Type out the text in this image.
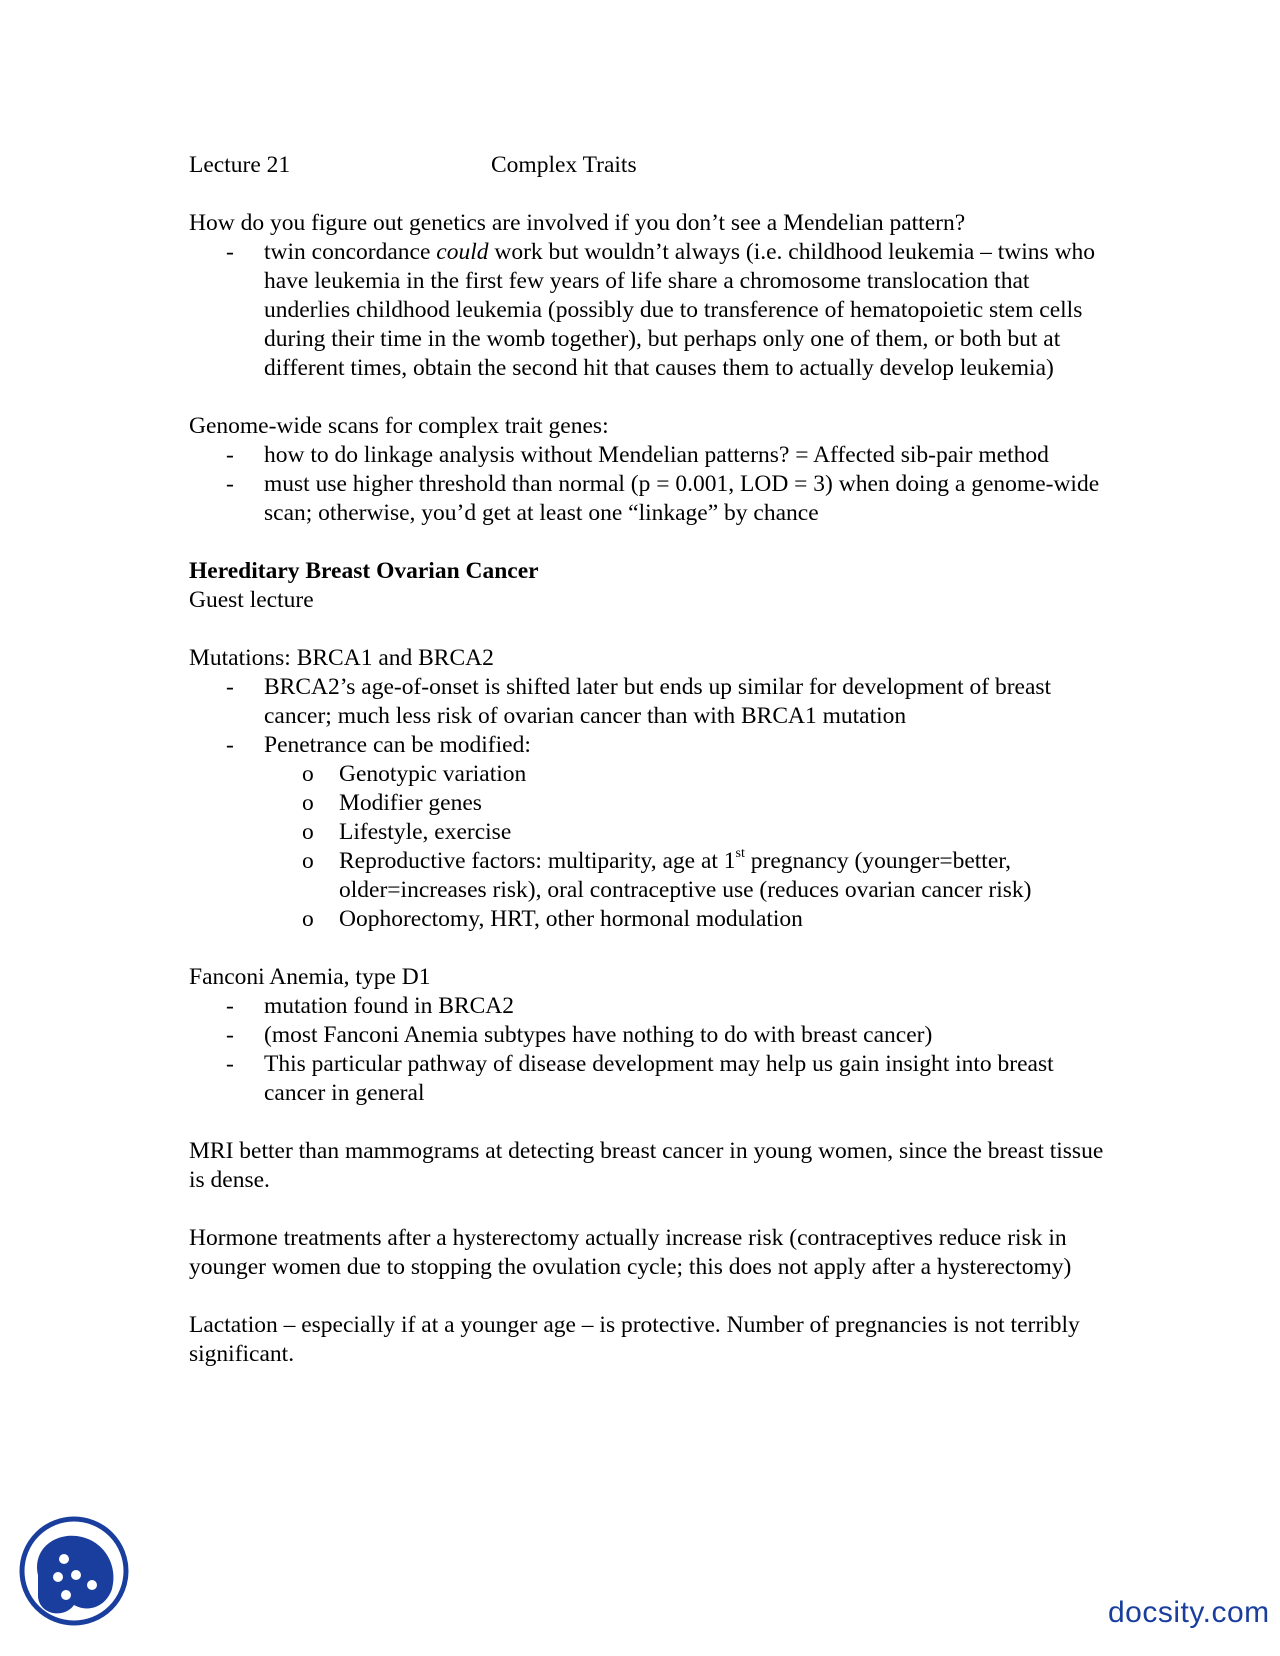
Lecture 21	Complex Traits

How do you figure out genetics are involved if you don’t see a Mendelian pattern?

- twin concordance could work but wouldn’t always (i.e. childhood leukemia – twins who have leukemia in the first few years of life share a chromosome translocation that underlies childhood leukemia (possibly due to transference of hematopoietic stem cells during their time in the womb together), but perhaps only one of them, or both but at different times, obtain the second hit that causes them to actually develop leukemia)

Genome-wide scans for complex trait genes:

- how to do linkage analysis without Mendelian patterns? = Affected sib-pair method
- must use higher threshold than normal (p = 0.001, LOD = 3) when doing a genome-wide scan; otherwise, you’d get at least one “linkage” by chance

Hereditary Breast Ovarian Cancer

Guest lecture

Mutations: BRCA1 and BRCA2

- BRCA2’s age-of-onset is shifted later but ends up similar for development of breast cancer; much less risk of ovarian cancer than with BRCA1 mutation
- Penetrance can be modified:
o Genotypic variation
o Modifier genes
o Lifestyle, exercise
o Reproductive factors: multiparity, age at 1st pregnancy (younger=better, older=increases risk), oral contraceptive use (reduces ovarian cancer risk)
o Oophorectomy, HRT, other hormonal modulation

Fanconi Anemia, type D1

- mutation found in BRCA2
- (most Fanconi Anemia subtypes have nothing to do with breast cancer)
- This particular pathway of disease development may help us gain insight into breast cancer in general

MRI better than mammograms at detecting breast cancer in young women, since the breast tissue is dense.

Hormone treatments after a hysterectomy actually increase risk (contraceptives reduce risk in younger women due to stopping the ovulation cycle; this does not apply after a hysterectomy)

Lactation – especially if at a younger age – is protective. Number of pregnancies is not terribly significant.

docsity.com
